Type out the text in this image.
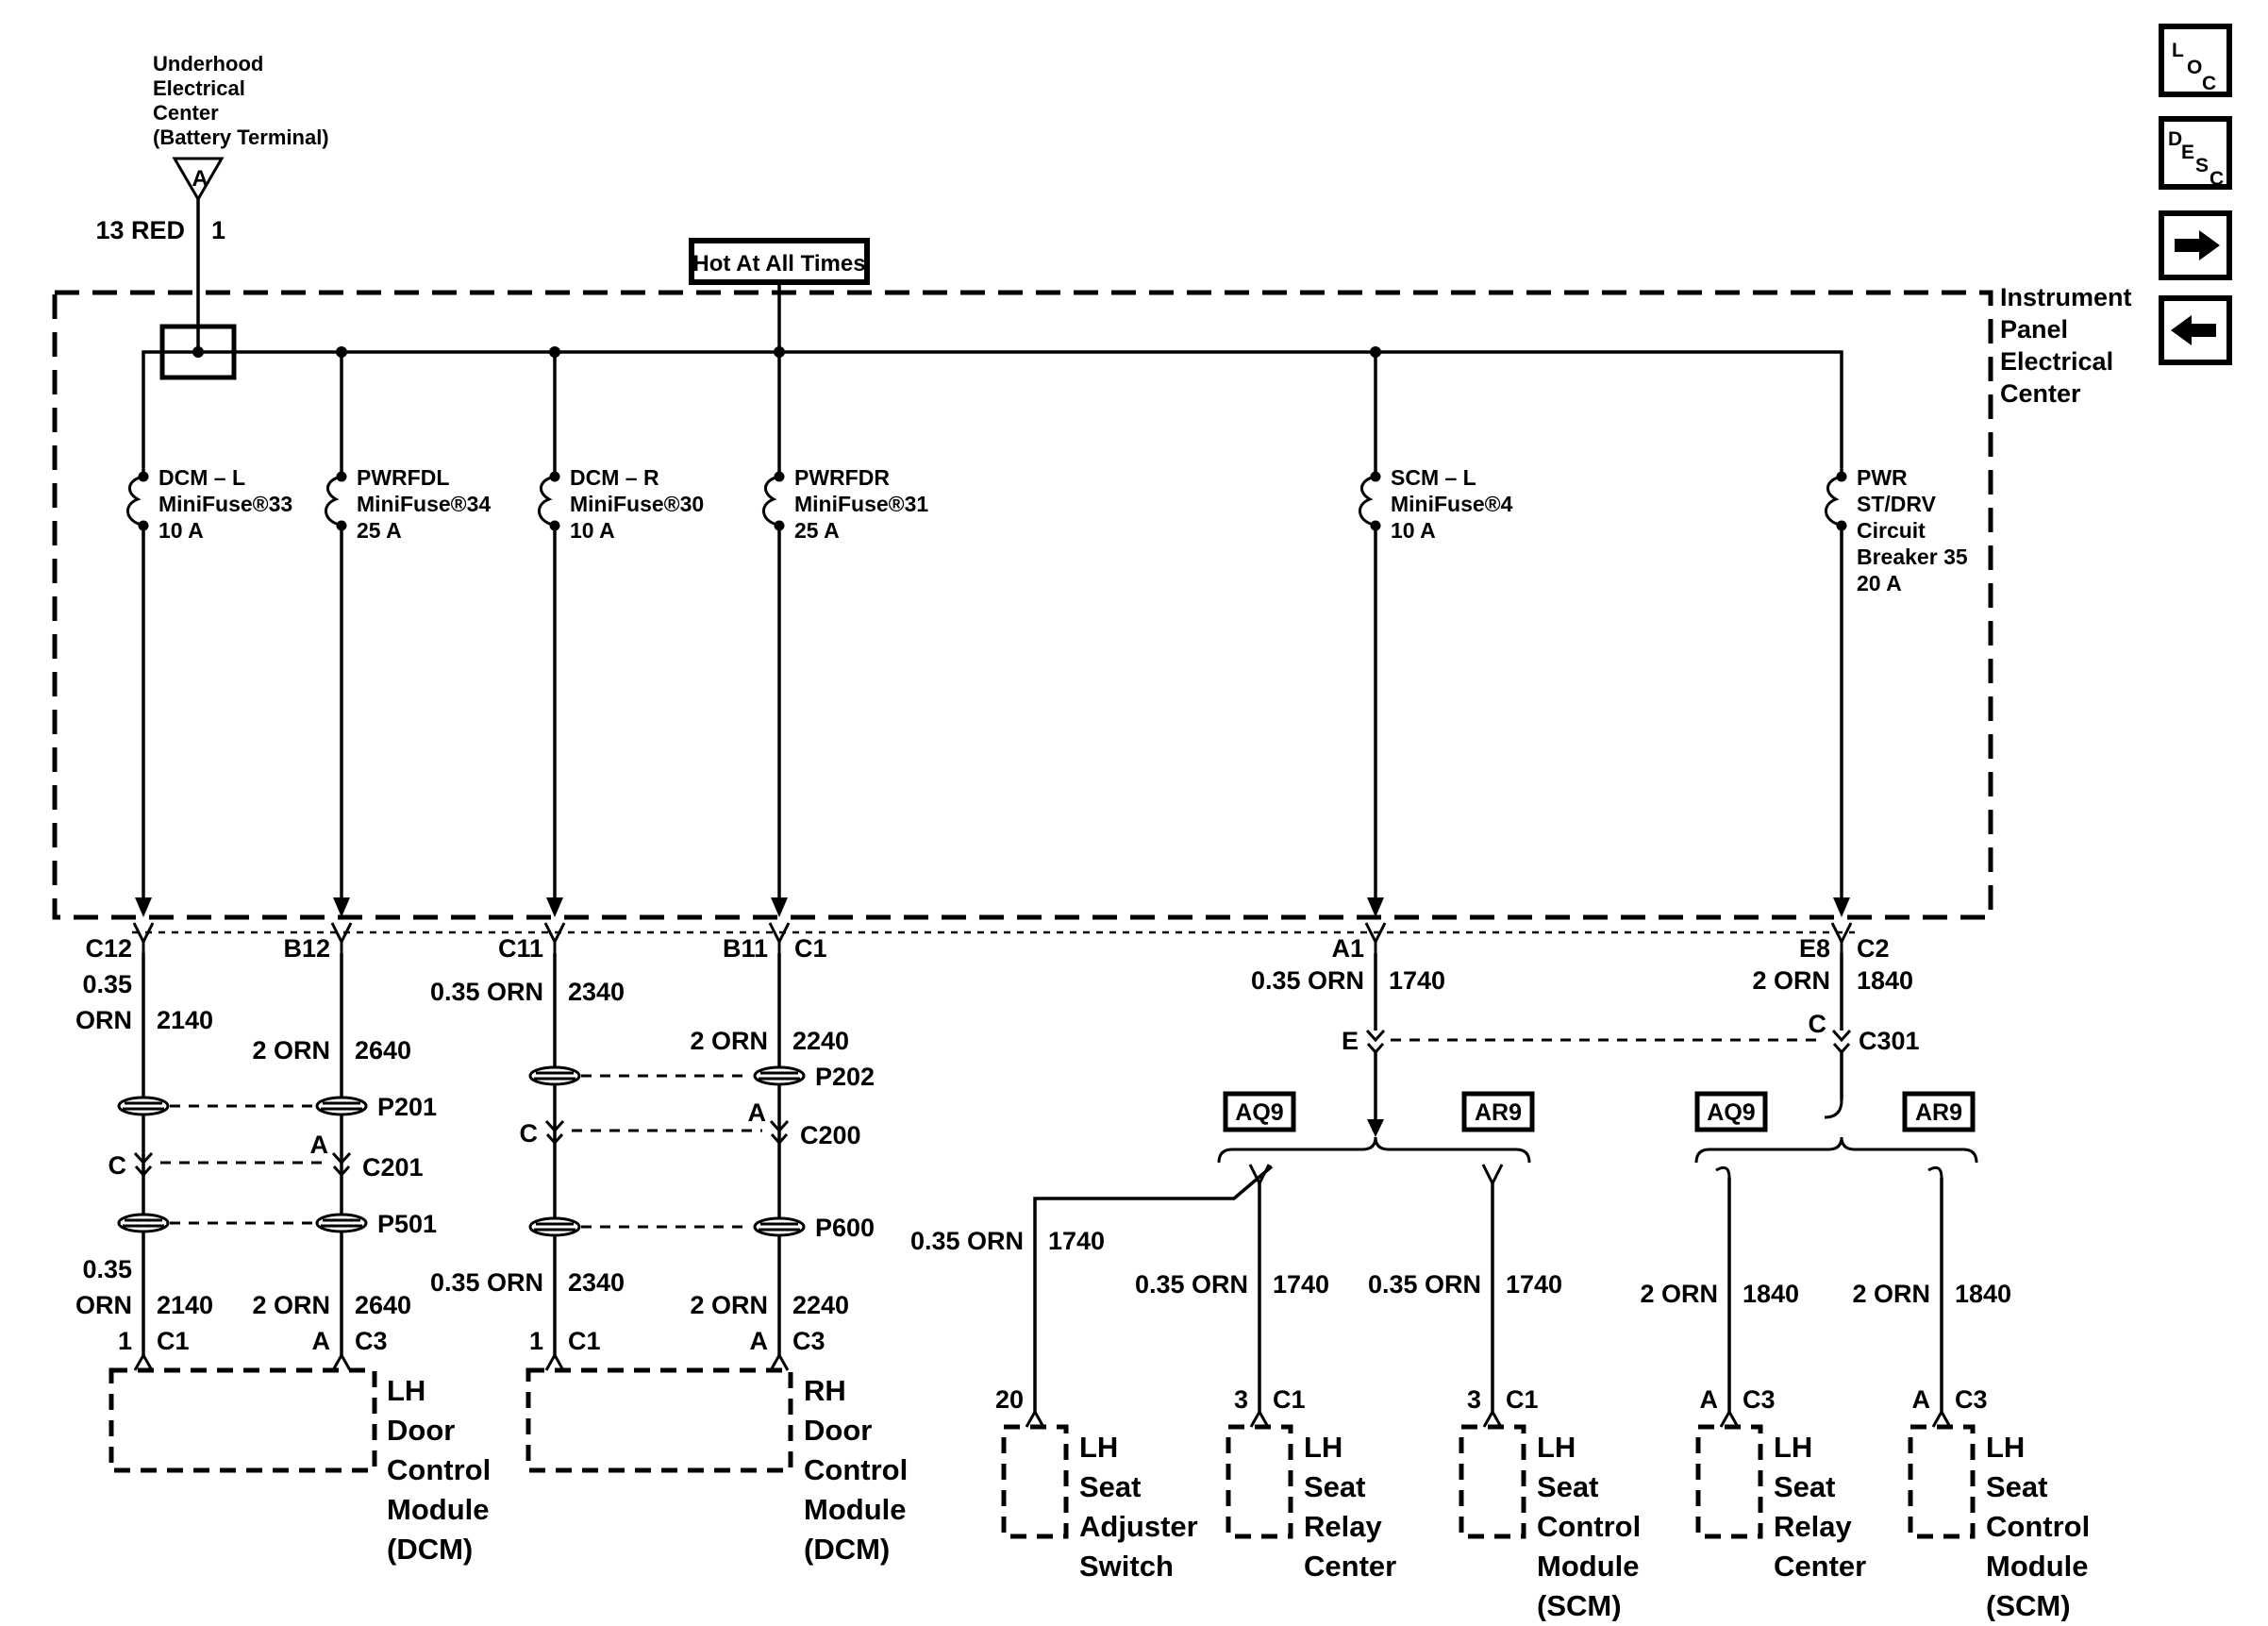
Underhood
Electrical
Center
(Battery Terminal)
A
13 RED 1
Hot At All Times
Instrument
Panel
Electrical
Center
DCM – L
MiniFuse®33
10 A
PWRFDL
MiniFuse®34
25 A
DCM – R
MiniFuse®30
10 A
PWRFDR
MiniFuse®31
25 A
SCM – L
MiniFuse®4
10 A
PWR
ST/DRV
Circuit
Breaker 35
20 A
C12	B12	C11	B11 C1	A1	E8 C2
0.35
ORN 2140
2 ORN 2640
0.35 ORN 2340
2 ORN 2240
0.35 ORN 1740	2 ORN 1840
P202
P201	A
C	C200
A
C	C201
P501	P600
0.35
ORN 2140 2 ORN 2640
0.35 ORN 2340
2 ORN 2240
1 C1	A C3
LH
Door
Control
Module
(DCM)
1 C1	A C3
RH
Door
Control
Module
(DCM)
E
C
C301
AQ9	AR9
0.35 ORN 1740
0.35 ORN 1740 0.35 ORN 1740
AQ9	AR9
2 ORN 1840 2 ORN 1840
20
LH
Seat
Adjuster
Switch
3 C1
LH
Seat
Relay
Center
3 C1
LH
Seat
Control
Module
(SCM)
A C3
LH
Seat
Relay
Center
A C3
LH
Seat
Control
Module
(SCM)
L
O
C
D
E
S
C
